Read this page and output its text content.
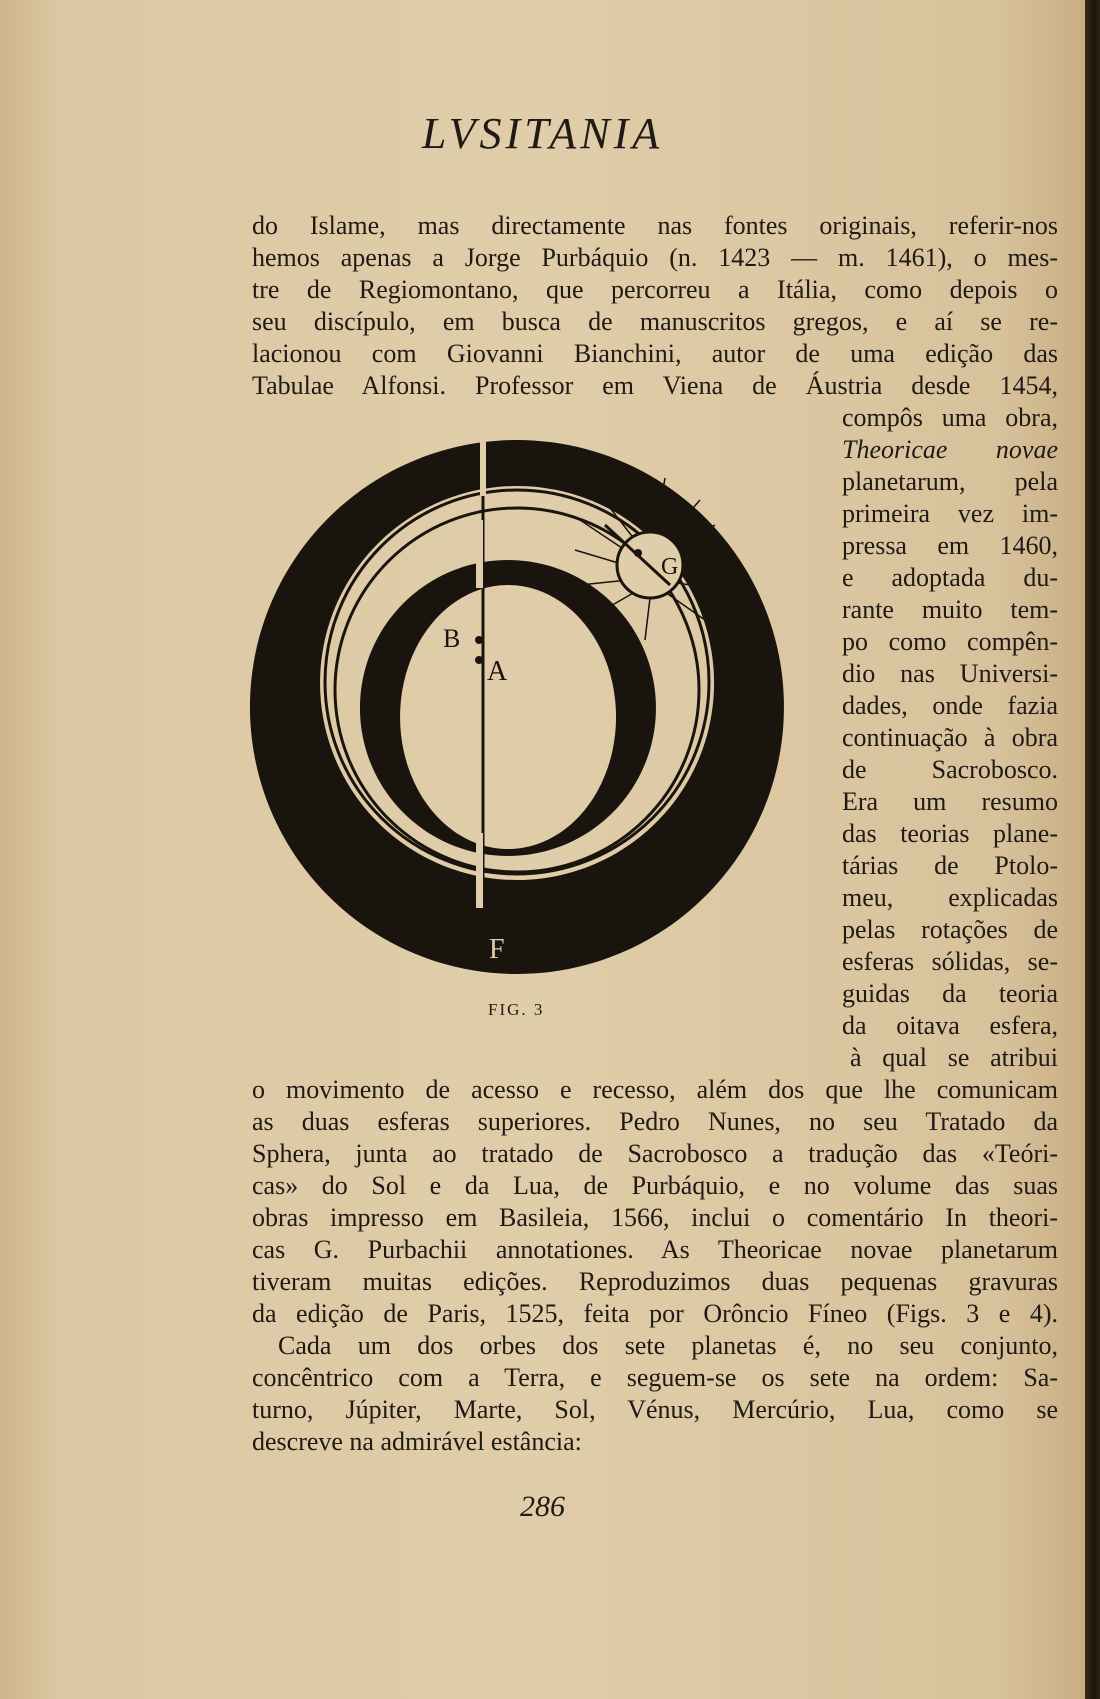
LVSITANIA
do Islame, mas directamente nas fontes originais, referir-nos
hemos apenas a Jorge Purbáquio (n. 1423 — m. 1461), o mes-
tre de Regiomontano, que percorreu a Itália, como depois o
seu discípulo, em busca de manuscritos gregos, e aí se re-
lacionou com Giovanni Bianchini, autor de uma edição das
Tabulae Alfonsi. Professor em Viena de Áustria desde 1454,
compôs uma obra,
Theoricae novae
planetarum, pela
primeira vez im-
pressa em 1460,
e adoptada du-
rante muito tem-
po como compên-
dio nas Universi-
dades, onde fazia
continuação à obra
de Sacrobosco.
Era um resumo
das teorias plane-
tárias de Ptolo-
meu, explicadas
pelas rotações de
esferas sólidas, se-
guidas da teoria
da oitava esfera,
à qual se atribui
C
E
G
B
A
D
F
FIG. 3
o movimento de acesso e recesso, além dos que lhe comunicam
as duas esferas superiores. Pedro Nunes, no seu Tratado da
Sphera, junta ao tratado de Sacrobosco a tradução das «Teóri-
cas» do Sol e da Lua, de Purbáquio, e no volume das suas
obras impresso em Basileia, 1566, inclui o comentário In theori-
cas G. Purbachii annotationes. As Theoricae novae planetarum
tiveram muitas edições. Reproduzimos duas pequenas gravuras
da edição de Paris, 1525, feita por Orôncio Fíneo (Figs. 3 e 4).
Cada um dos orbes dos sete planetas é, no seu conjunto,
concêntrico com a Terra, e seguem-se os sete na ordem: Sa-
turno, Júpiter, Marte, Sol, Vénus, Mercúrio, Lua, como se
descreve na admirável estância:
286
